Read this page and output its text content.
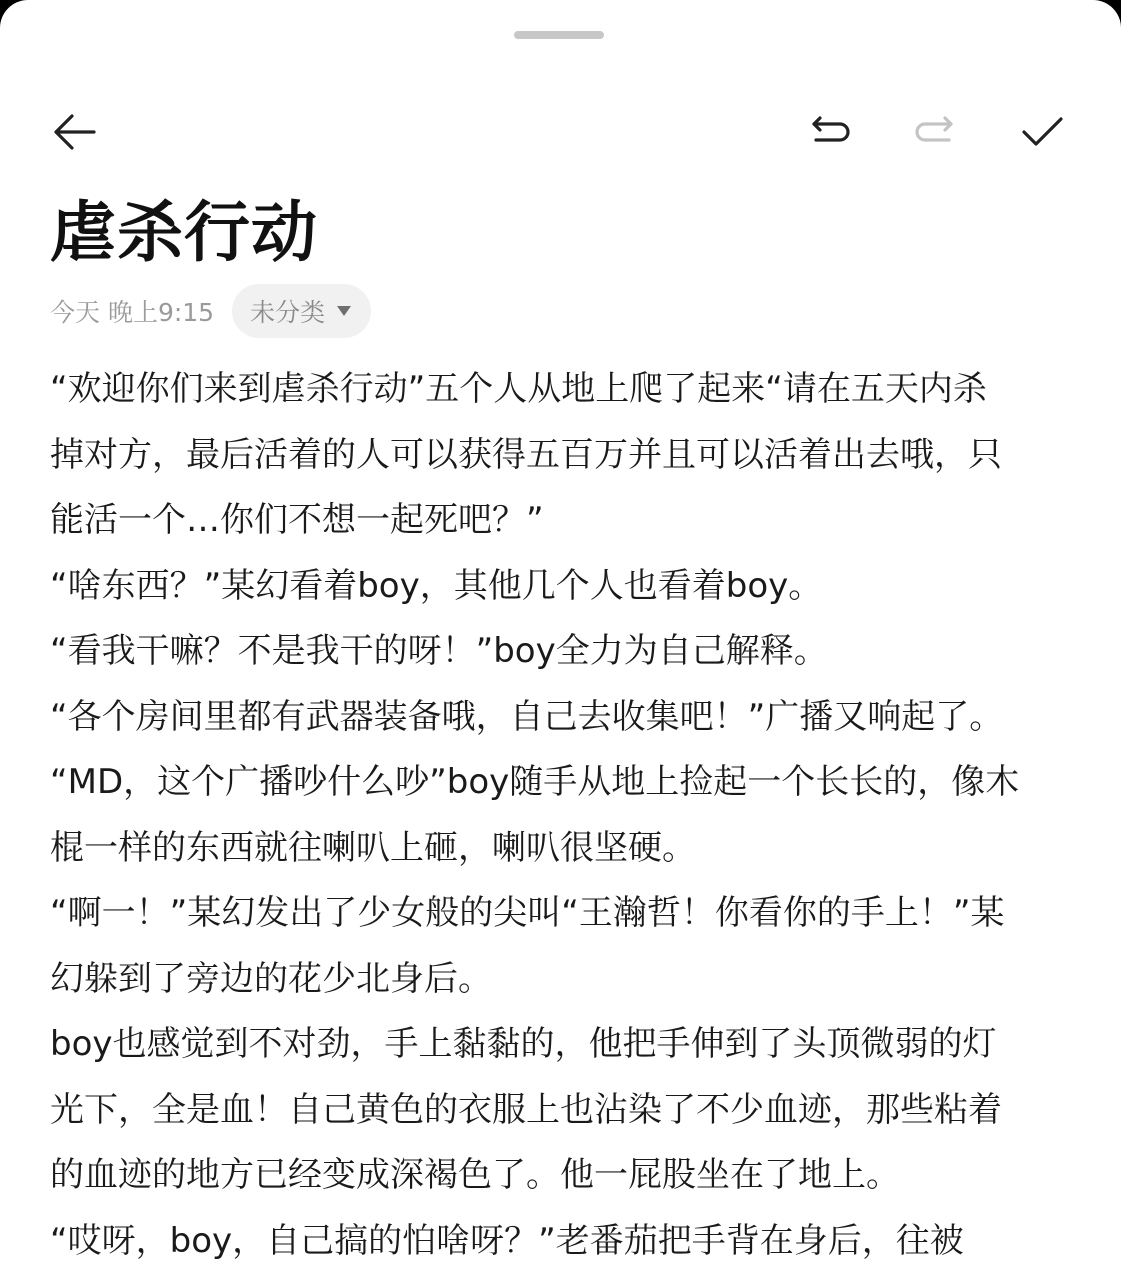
虐杀行动
今天 晚上9:15 未分类

“欢迎你们来到虐杀行动”五个人从地上爬了起来“请在五天内杀
掉对方，最后活着的人可以获得五百万并且可以活着出去哦，只
能活一个…你们不想一起死吧？”

“啥东西？”某幻看着boy，其他几个人也看着boy。

“看我干嘛？不是我干的呀！”boy全力为自己解释。

“各个房间里都有武器装备哦，自己去收集吧！”广播又响起了。

“MD，这个广播吵什么吵”boy随手从地上捡起一个长长的，像木
棍一样的东西就往喇叭上砸，喇叭很坚硬。

“啊一！”某幻发出了少女般的尖叫“王瀚哲！你看你的手上！”某
幻躲到了旁边的花少北身后。

boy也感觉到不对劲，手上黏黏的，他把手伸到了头顶微弱的灯
光下，全是血！自己黄色的衣服上也沾染了不少血迹，那些粘着
的血迹的地方已经变成深褐色了。他一屁股坐在了地上。

“哎呀，boy，自己搞的怕啥呀？”老番茄把手背在身后，往被
